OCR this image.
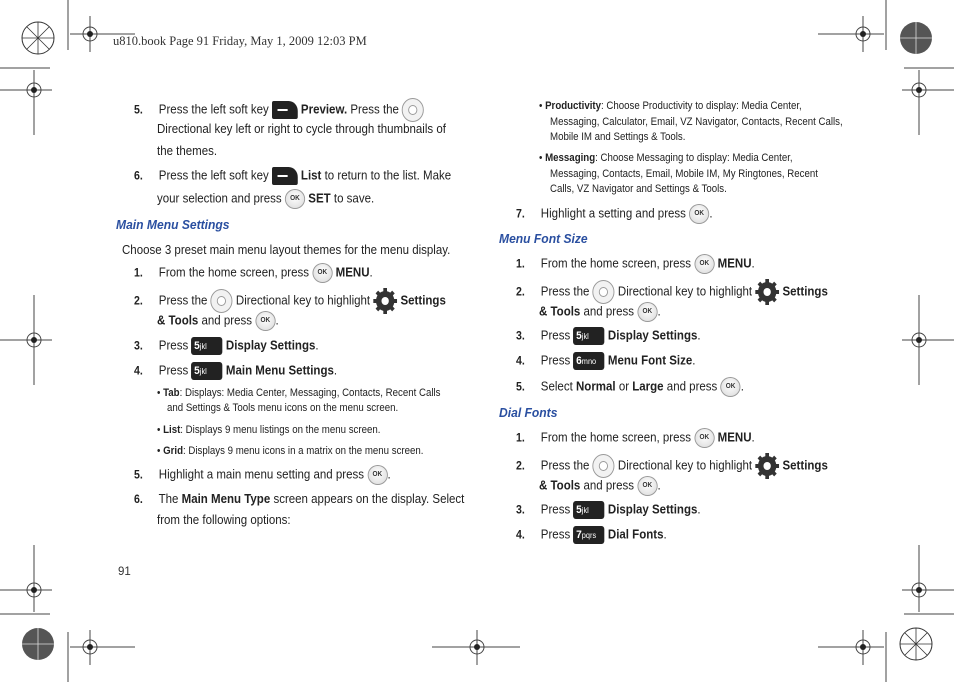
u810.book Page 91 Friday, May 1, 2009 12:03 PM
5. Press the left soft key	Preview. Press the
Directional key left or right to cycle through thumbnails of
the themes.
6. Press the left soft key	List to return to the list. Make
your selection and press OK SET to save.
Main Menu Settings
Choose 3 preset main menu layout themes for the menu display.
1. From the home screen, press OK MENU.
2. Press the Directional key to highlight Settings
& Tools and press OK .
3. Press 5jkl Display Settings.
4. Press 5jkl Main Menu Settings.
• Tab: Displays: Media Center, Messaging, Contacts, Recent Calls
and Settings & Tools menu icons on the menu screen.
• List: Displays 9 menu listings on the menu screen.
• Grid: Displays 9 menu icons in a matrix on the menu screen.
5. Highlight a main menu setting and press OK .
6. The Main Menu Type screen appears on the display. Select
from the following options:
91
• Productivity: Choose Productivity to display: Media Center,
Messaging, Calculator, Email, VZ Navigator, Contacts, Recent Calls,
Mobile IM and Settings & Tools.
• Messaging: Choose Messaging to display: Media Center,
Messaging, Contacts, Email, Mobile IM, My Ringtones, Recent
Calls, VZ Navigator and Settings & Tools.
7. Highlight a setting and press OK .
Menu Font Size
1. From the home screen, press OK MENU.
2. Press the Directional key to highlight Settings
& Tools and press OK .
3. Press 5jkl Display Settings.
4. Press 6mno Menu Font Size.
5. Select Normal or Large and press OK .
Dial Fonts
1. From the home screen, press OK MENU.
2. Press the Directional key to highlight Settings
& Tools and press OK .
3. Press 5jkl Display Settings.
4. Press 7pqrs Dial Fonts.
